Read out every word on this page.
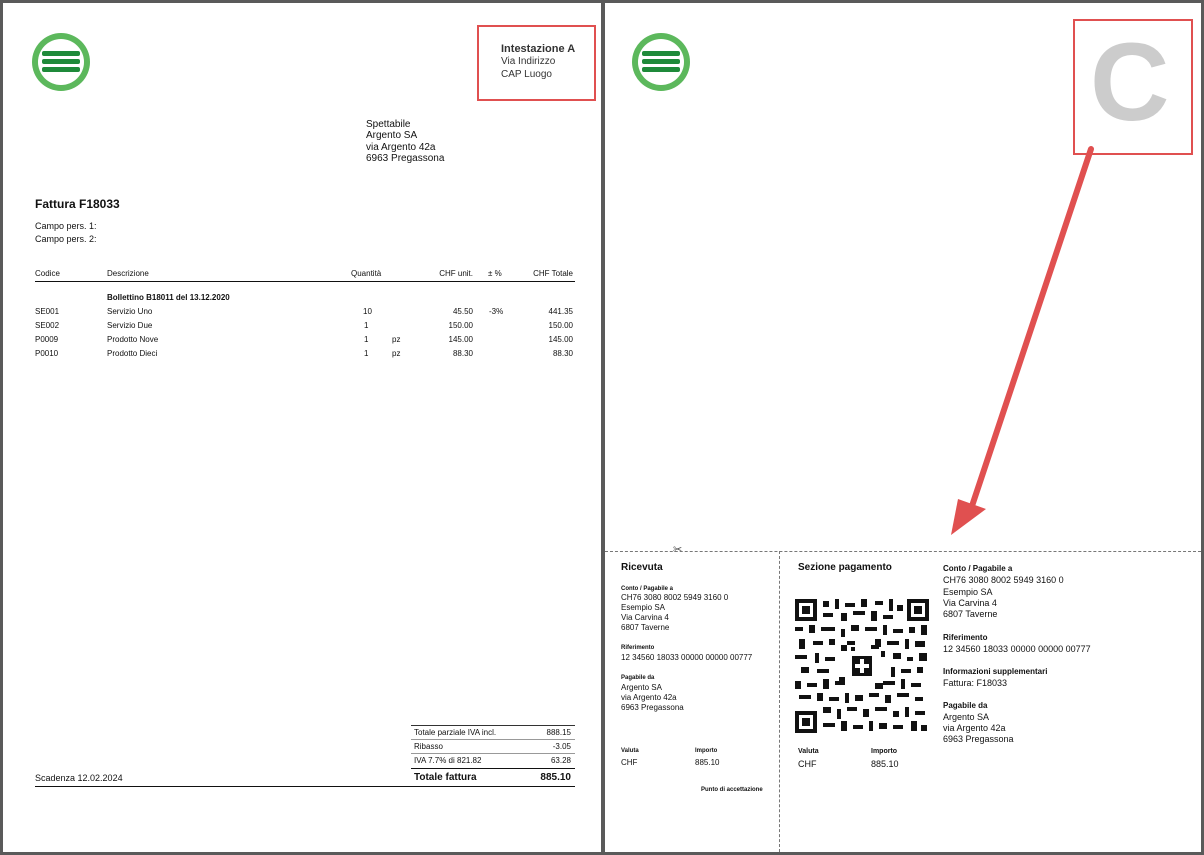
Intestazione A
Via Indirizzo
CAP Luogo
Spettabile
Argento SA
via Argento 42a
6963 Pregassona
Fattura F18033
Campo pers. 1:
Campo pers. 2:
Codice	Descrizione	Quantità	CHF unit. ± %	CHF Totale
Bollettino B18011 del 13.12.2020
SE001	Servizio Uno	10	45.50 -3%	441.35
SE002	Servizio Due	1	150.00	150.00
P0009	Prodotto Nove	1	pz	145.00	145.00
P0010	Prodotto Dieci	1	pz	88.30	88.30
Totale parziale IVA incl.	888.15
Ribasso	-3.05
IVA 7.7% di 821.82	63.28
Scadenza 12.02.2024	Totale fattura	885.10
C
✂
Ricevuta
Conto / Pagabile a
CH76 3080 8002 5949 3160 0
Esempio SA
Via Carvina 4
6807 Taverne
Riferimento
12 34560 18033 00000 00000 00777
Pagabile da
Argento SA
via Argento 42a
6963 Pregassona
Valuta	Importo
CHF	885.10
Punto di accettazione
Sezione pagamento
Valuta	Importo
CHF	885.10
Conto / Pagabile a
CH76 3080 8002 5949 3160 0
Esempio SA
Via Carvina 4
6807 Taverne
Riferimento
12 34560 18033 00000 00000 00777
Informazioni supplementari
Fattura: F18033
Pagabile da
Argento SA
via Argento 42a
6963 Pregassona
